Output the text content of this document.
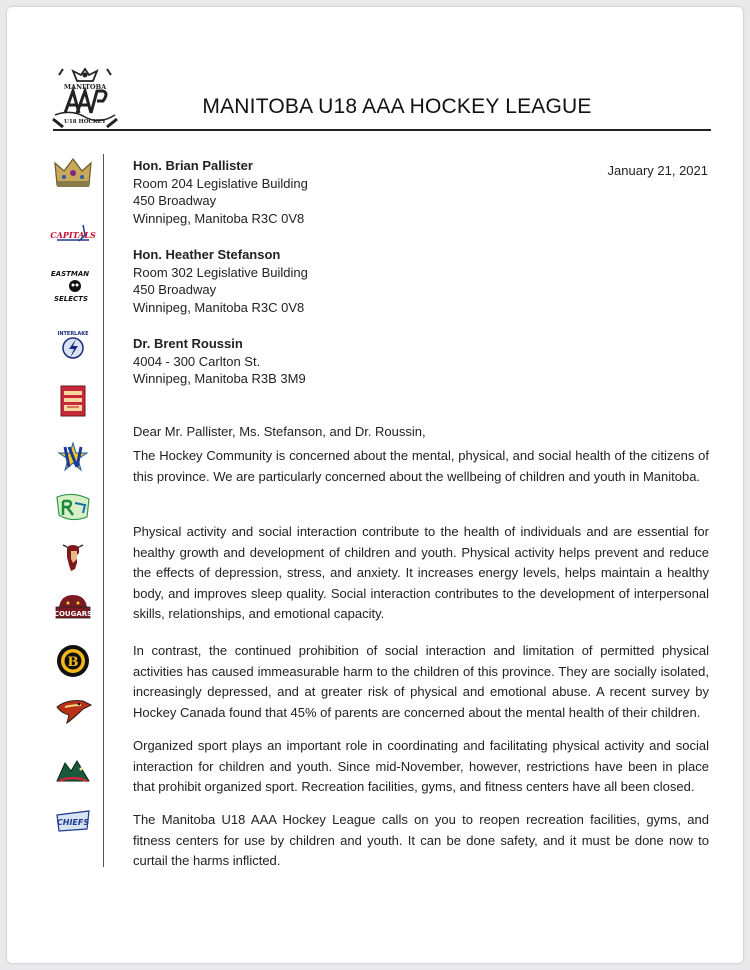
MANITOBA
U18 HOCKEY
MANITOBA U18 AAA HOCKEY LEAGUE
CAPITALS
EASTMAN
SELECTS
INTERLAKE
COUGARS
B
CHIEFS
January 21, 2021
Hon. Brian Pallister
Room 204 Legislative Building
450 Broadway
Winnipeg, Manitoba R3C 0V8
Hon. Heather Stefanson
Room 302 Legislative Building
450 Broadway
Winnipeg, Manitoba R3C 0V8
Dr. Brent Roussin
4004 - 300 Carlton St.
Winnipeg, Manitoba R3B 3M9
Dear Mr. Pallister, Ms. Stefanson, and Dr. Roussin,

The Hockey Community is concerned about the mental, physical, and social health of the citizens of this province. We are particularly concerned about the wellbeing of children and youth in Manitoba.

Physical activity and social interaction contribute to the health of individuals and are essential for healthy growth and development of children and youth. Physical activity helps prevent and reduce the effects of depression, stress, and anxiety. It increases energy levels, helps maintain a healthy body, and improves sleep quality. Social interaction contributes to the development of interpersonal skills, relationships, and emotional capacity.

In contrast, the continued prohibition of social interaction and limitation of permitted physical activities has caused immeasurable harm to the children of this province. They are socially isolated, increasingly depressed, and at greater risk of physical and emotional abuse. A recent survey by Hockey Canada found that 45% of parents are concerned about the mental health of their children.

Organized sport plays an important role in coordinating and facilitating physical activity and social interaction for children and youth. Since mid-November, however, restrictions have been in place that prohibit organized sport. Recreation facilities, gyms, and fitness centers have all been closed.

The Manitoba U18 AAA Hockey League calls on you to reopen recreation facilities, gyms, and fitness centers for use by children and youth. It can be done safety, and it must be done now to curtail the harms inflicted.
